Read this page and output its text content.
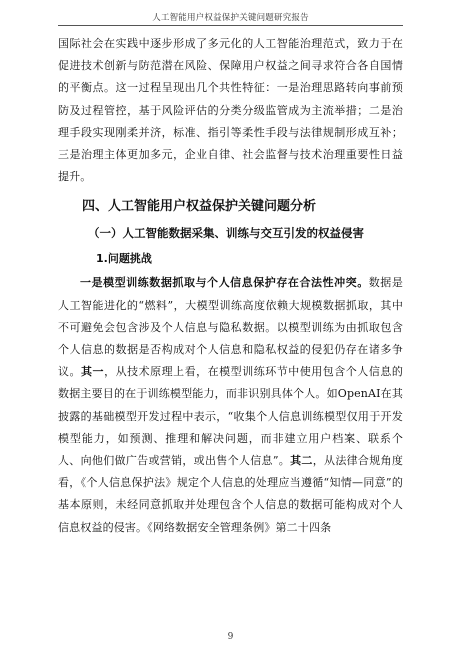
人工智能用户权益保护关键问题研究报告

国际社会在实践中逐步形成了多元化的人工智能治理范式，致力于在促进技术创新与防范潜在风险、保障用户权益之间寻求符合各自国情的平衡点。这一过程呈现出几个共性特征：一是治理思路转向事前预防及过程管控，基于风险评估的分类分级监管成为主流举措；二是治理手段实现刚柔并济，标准、指引等柔性手段与法律规制形成互补；三是治理主体更加多元，企业自律、社会监督与技术治理重要性日益提升。

四、人工智能用户权益保护关键问题分析
（一）人工智能数据采集、训练与交互引发的权益侵害
1.问题挑战

一是模型训练数据抓取与个人信息保护存在合法性冲突。数据是人工智能进化的“燃料”，大模型训练高度依赖大规模数据抓取，其中不可避免会包含涉及个人信息与隐私数据。以模型训练为由抓取包含个人信息的数据是否构成对个人信息和隐私权益的侵犯仍存在诸多争议。其一，从技术原理上看，在模型训练环节中使用包含个人信息的数据主要目的在于训练模型能力，而非识别具体个人。如OpenAI在其披露的基础模型开发过程中表示，“收集个人信息训练模型仅用于开发模型能力，如预测、推理和解决问题，而非建立用户档案、联系个人、向他们做广告或营销，或出售个人信息”。其二，从法律合规角度看，《个人信息保护法》规定个人信息的处理应当遵循“知情—同意”的基本原则，未经同意抓取并处理包含个人信息的数据可能构成对个人信息权益的侵害。《网络数据安全管理条例》第二十四条

9
